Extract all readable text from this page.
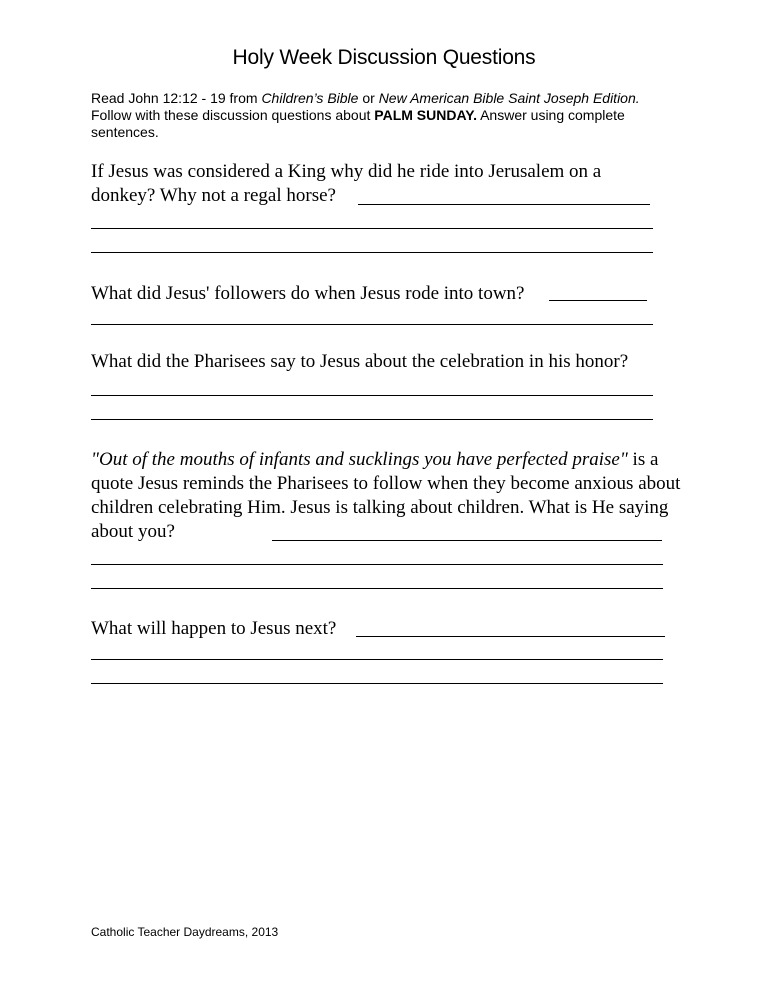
Holy Week Discussion Questions
Read John 12:12 - 19 from Children’s Bible or New American Bible Saint Joseph Edition. Follow with these discussion questions about PALM SUNDAY. Answer using complete sentences.
If Jesus was considered a King why did he ride into Jerusalem on a donkey? Why not a regal horse?
What did Jesus' followers do when Jesus rode into town?
What did the Pharisees say to Jesus about the celebration in his honor?
"Out of the mouths of infants and sucklings you have perfected praise" is a quote Jesus reminds the Pharisees to follow when they become anxious about children celebrating Him. Jesus is talking about children. What is He saying about you?
What will happen to Jesus next?
Catholic Teacher Daydreams, 2013
